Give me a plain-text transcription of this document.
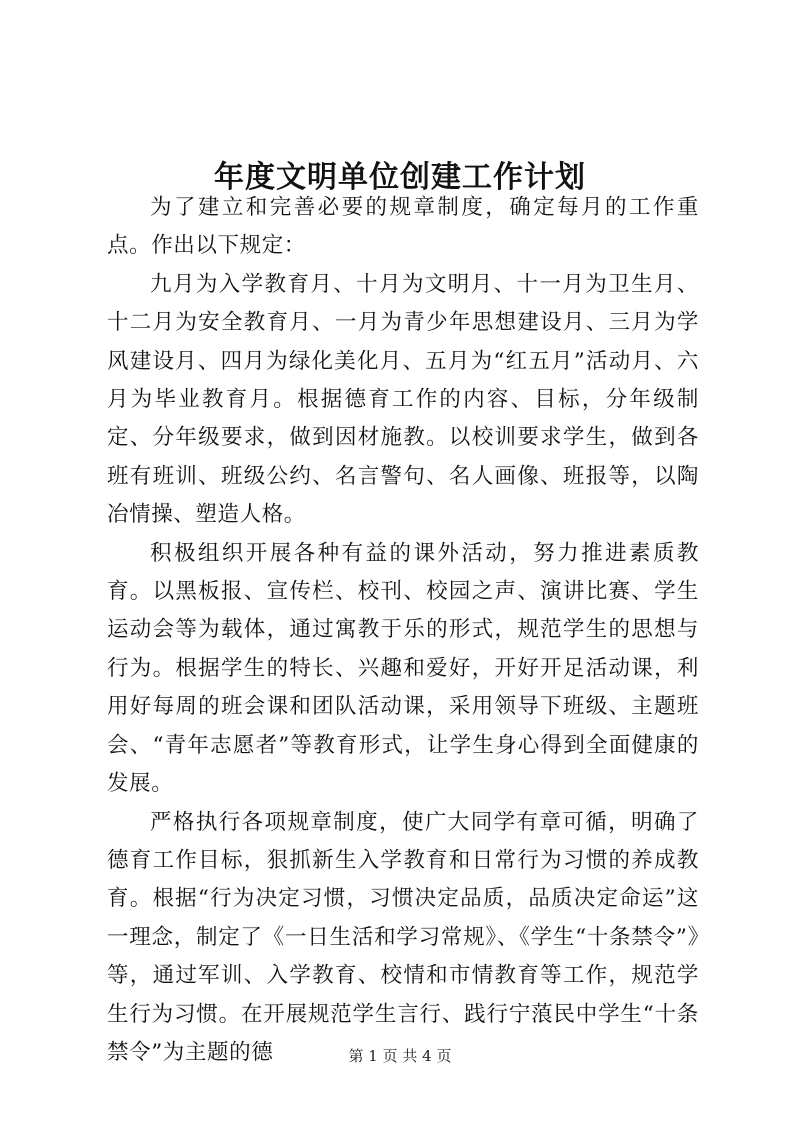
年度文明单位创建工作计划

为了建立和完善必要的规章制度，确定每月的工作重点。作出以下规定：

九月为入学教育月、十月为文明月、十一月为卫生月、十二月为安全教育月、一月为青少年思想建设月、三月为学风建设月、四月为绿化美化月、五月为“红五月”活动月、六月为毕业教育月。根据德育工作的内容、目标，分年级制定、分年级要求，做到因材施教。以校训要求学生，做到各班有班训、班级公约、名言警句、名人画像、班报等，以陶冶情操、塑造人格。

积极组织开展各种有益的课外活动，努力推进素质教育。以黑板报、宣传栏、校刊、校园之声、演讲比赛、学生运动会等为载体，通过寓教于乐的形式，规范学生的思想与行为。根据学生的特长、兴趣和爱好，开好开足活动课，利用好每周的班会课和团队活动课，采用领导下班级、主题班会、“青年志愿者”等教育形式，让学生身心得到全面健康的发展。

严格执行各项规章制度，使广大同学有章可循，明确了德育工作目标，狠抓新生入学教育和日常行为习惯的养成教育。根据“行为决定习惯，习惯决定品质，品质决定命运”这一理念，制定了《一日生活和学习常规》、《学生“十条禁令”》等，通过军训、入学教育、校情和市情教育等工作，规范学生行为习惯。在开展规范学生言行、践行宁蒗民中学生“十条禁令”为主题的德	第 1 页 共 4 页
